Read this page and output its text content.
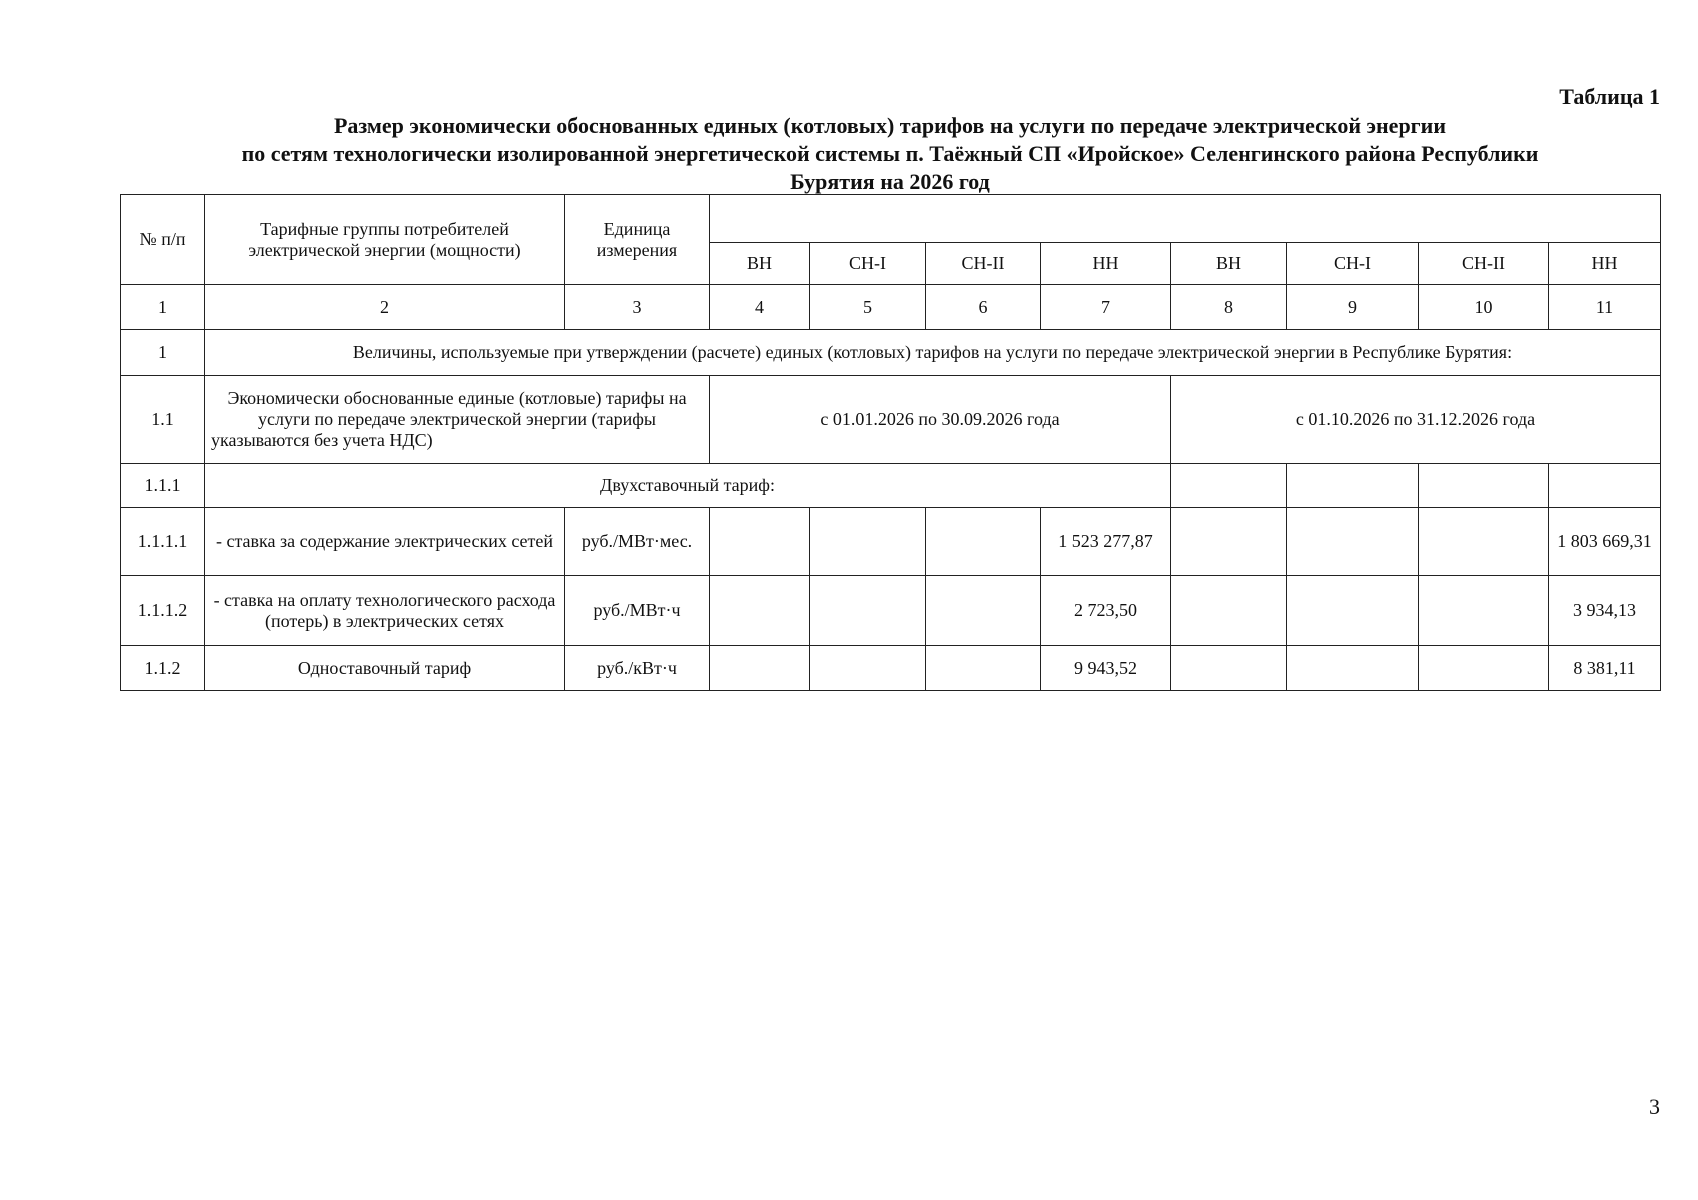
Таблица 1
Размер экономически обоснованных единых (котловых) тарифов на услуги по передаче электрической энергии
по сетям технологически изолированной энергетической системы п. Таёжный СП «Иройское» Селенгинского района Республики
Бурятия на 2026 год
№ п/п	Тарифные группы потребителей электрической энергии (мощности)	Единица измерения								
			ВН	СН-I	СН-II	НН	ВН	СН-I	СН-II	НН
1	2	3	4	5	6	7	8	9	10	11
1	Величины, используемые при утверждении (расчете) единых (котловых) тарифов на услуги по передаче электрической энергии в Республике Бурятия:									
1.1	Экономически обоснованные единые (котловые) тарифы на услуги по передаче электрической энергии (тарифы указываются без учета НДС)		с 01.01.2026 по 30.09.2026 года				с 01.10.2026 по 31.12.2026 года			
1.1.1	Двухставочный тариф:									
1.1.1.1	- ставка за содержание электрических сетей	руб./МВт·мес.				1 523 277,87				1 803 669,31
1.1.1.2	- ставка на оплату технологического расхода (потерь) в электрических сетях	руб./МВт·ч				2 723,50				3 934,13
1.1.2	Одноставочный тариф	руб./кВт·ч				9 943,52				8 381,11
3
